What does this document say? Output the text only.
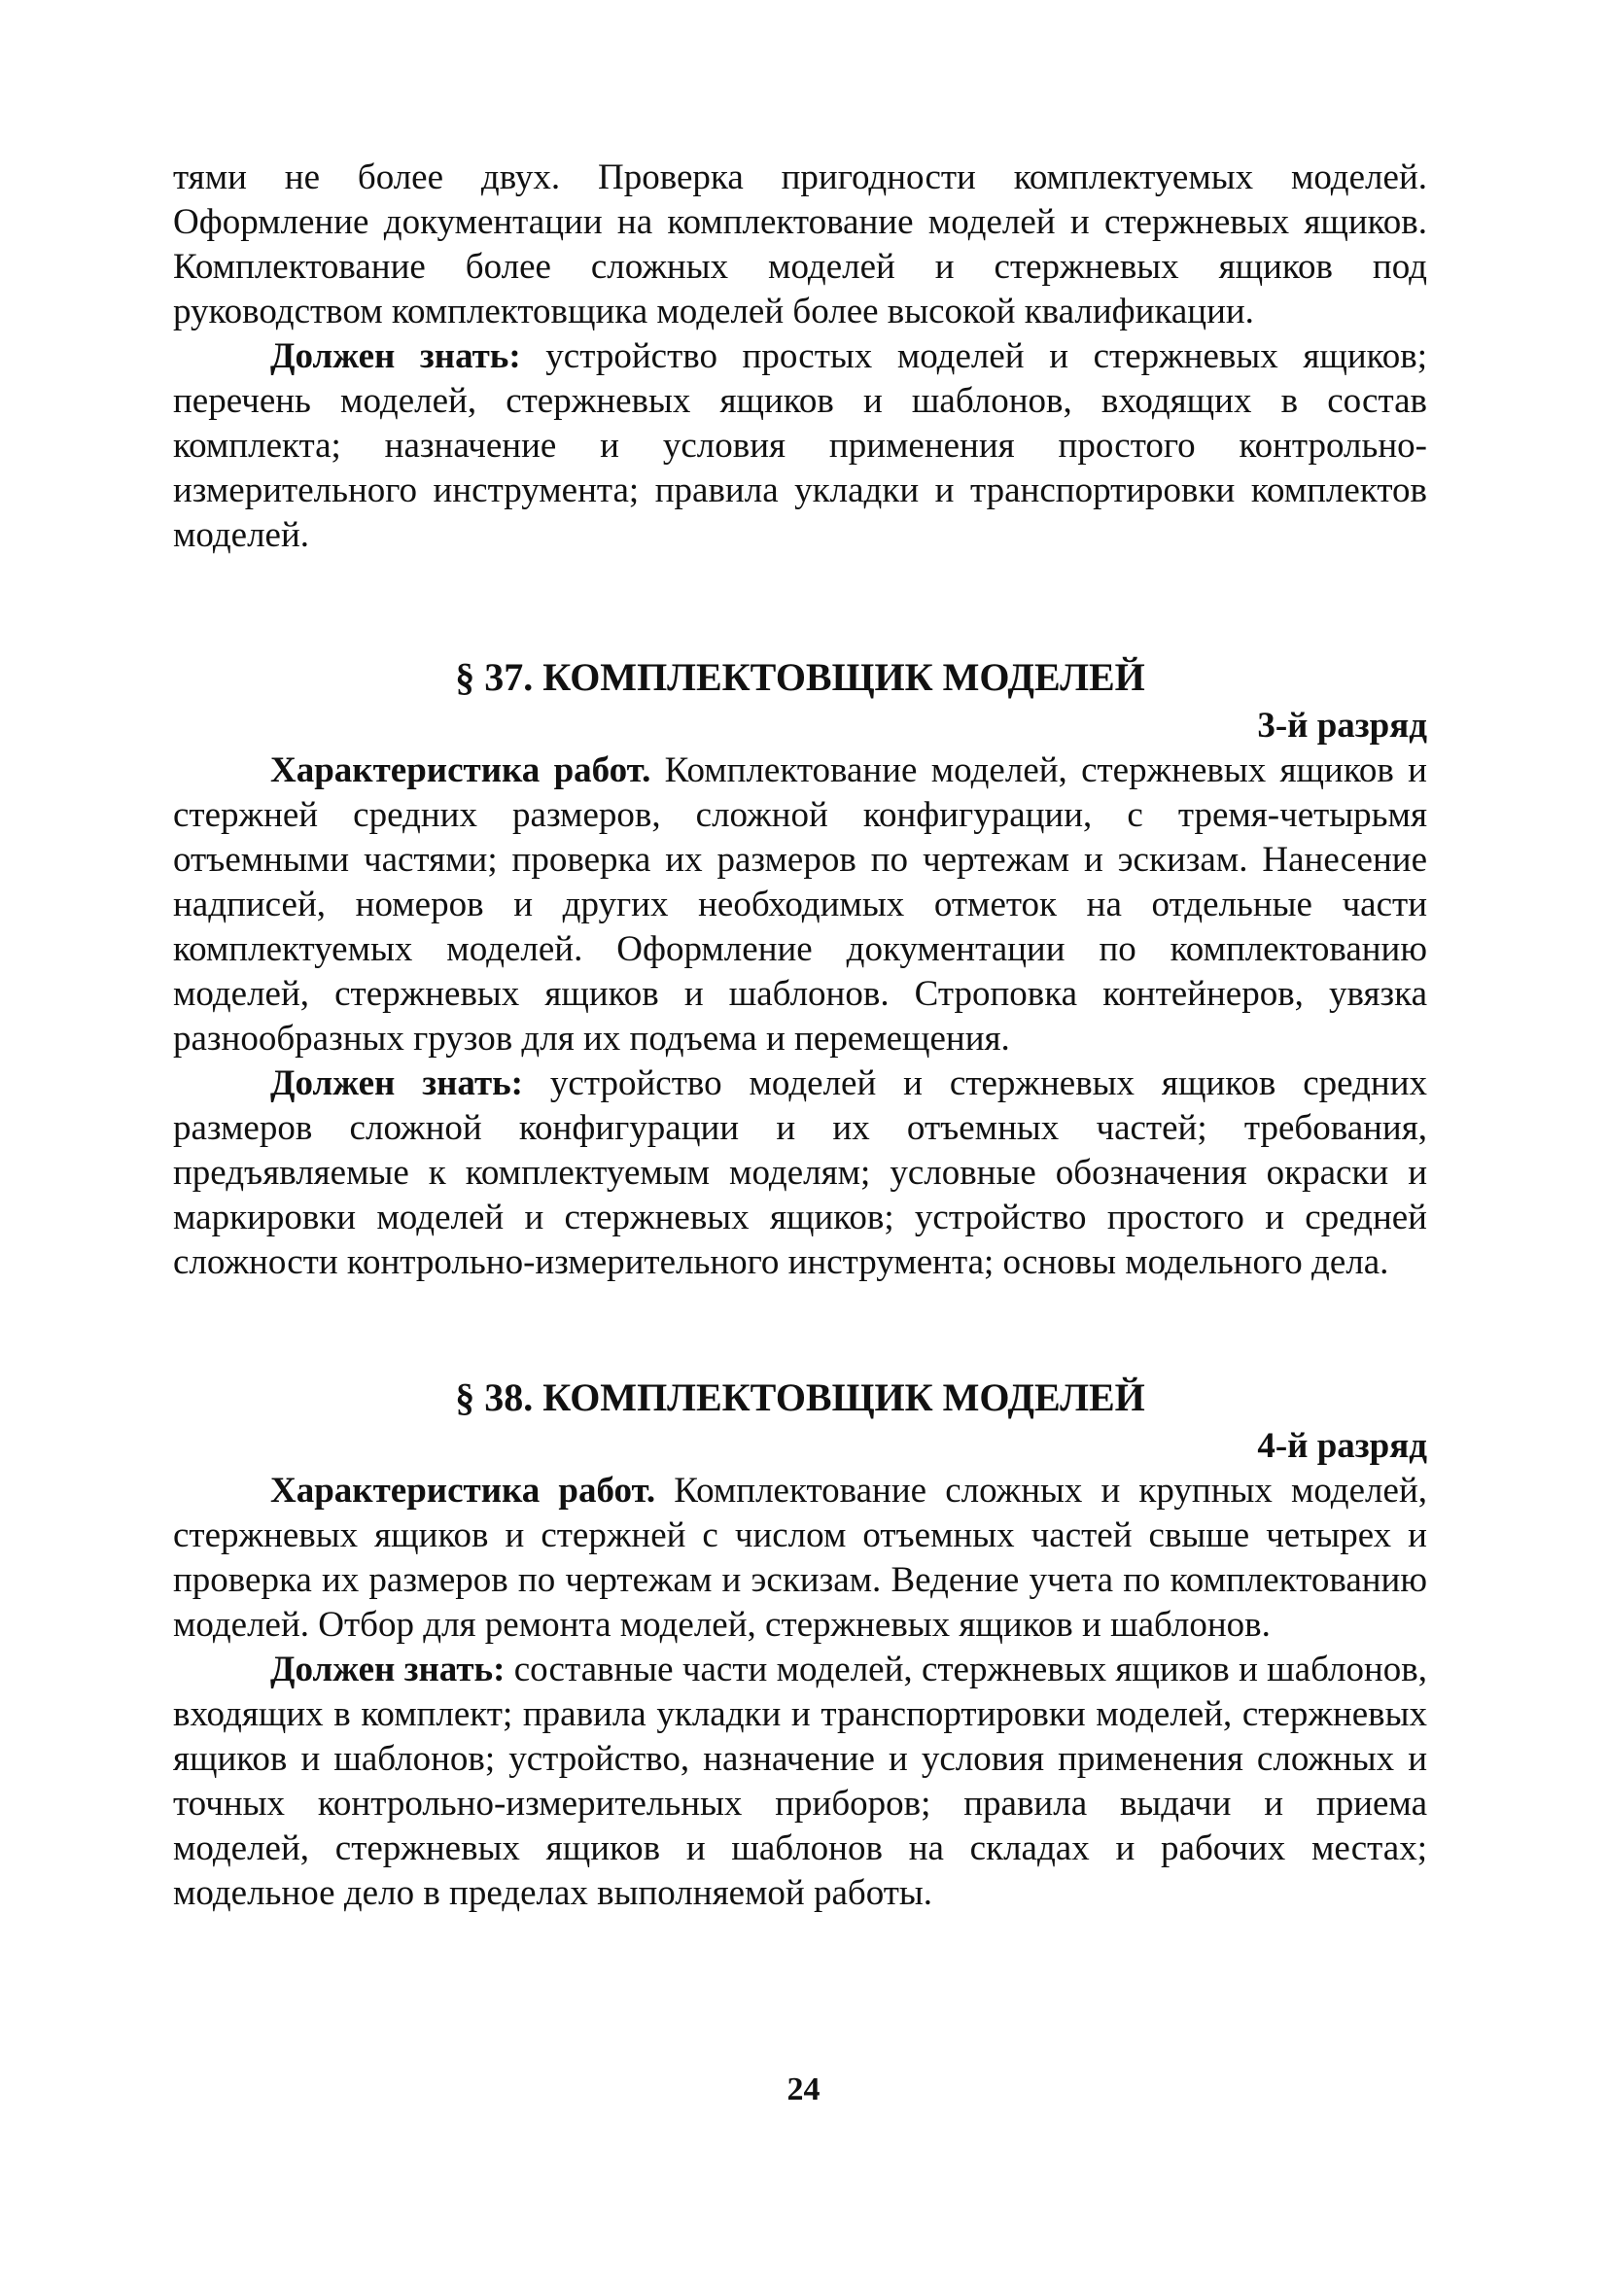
тями не более двух. Проверка пригодности комплектуемых моделей. Оформление документации на комплектование моделей и стержневых ящиков. Комплектование более сложных моделей и стержневых ящиков под руководством комплектовщика моделей более высокой квалификации.

Должен знать: устройство простых моделей и стержневых ящиков; перечень моделей, стержневых ящиков и шаблонов, входящих в состав комплекта; назначение и условия применения простого контрольно-измерительного инструмента; правила укладки и транспортировки комплектов моделей.

§ 37. КОМПЛЕКТОВЩИК МОДЕЛЕЙ

3-й разряд

Характеристика работ. Комплектование моделей, стержневых ящиков и стержней средних размеров, сложной конфигурации, с тремя-четырьмя отъемными частями; проверка их размеров по чертежам и эскизам. Нанесение надписей, номеров и других необходимых отметок на отдельные части комплектуемых моделей. Оформление документации по комплектованию моделей, стержневых ящиков и шаблонов. Строповка контейнеров, увязка разнообразных грузов для их подъема и перемещения.

Должен знать: устройство моделей и стержневых ящиков средних размеров сложной конфигурации и их отъемных частей; требования, предъявляемые к комплектуемым моделям; условные обозначения окраски и маркировки моделей и стержневых ящиков; устройство простого и средней сложности контрольно-измерительного инструмента; основы модельного дела.

§ 38. КОМПЛЕКТОВЩИК МОДЕЛЕЙ

4-й разряд

Характеристика работ. Комплектование сложных и крупных моделей, стержневых ящиков и стержней с числом отъемных частей свыше четырех и проверка их размеров по чертежам и эскизам. Ведение учета по комплектованию моделей. Отбор для ремонта моделей, стержневых ящиков и шаблонов.

Должен знать: составные части моделей, стержневых ящиков и шаблонов, входящих в комплект; правила укладки и транспортировки моделей, стержневых ящиков и шаблонов; устройство, назначение и условия применения сложных и точных контрольно-измерительных приборов; правила выдачи и приема моделей, стержневых ящиков и шаблонов на складах и рабочих местах; модельное дело в пределах выполняемой работы.

24
